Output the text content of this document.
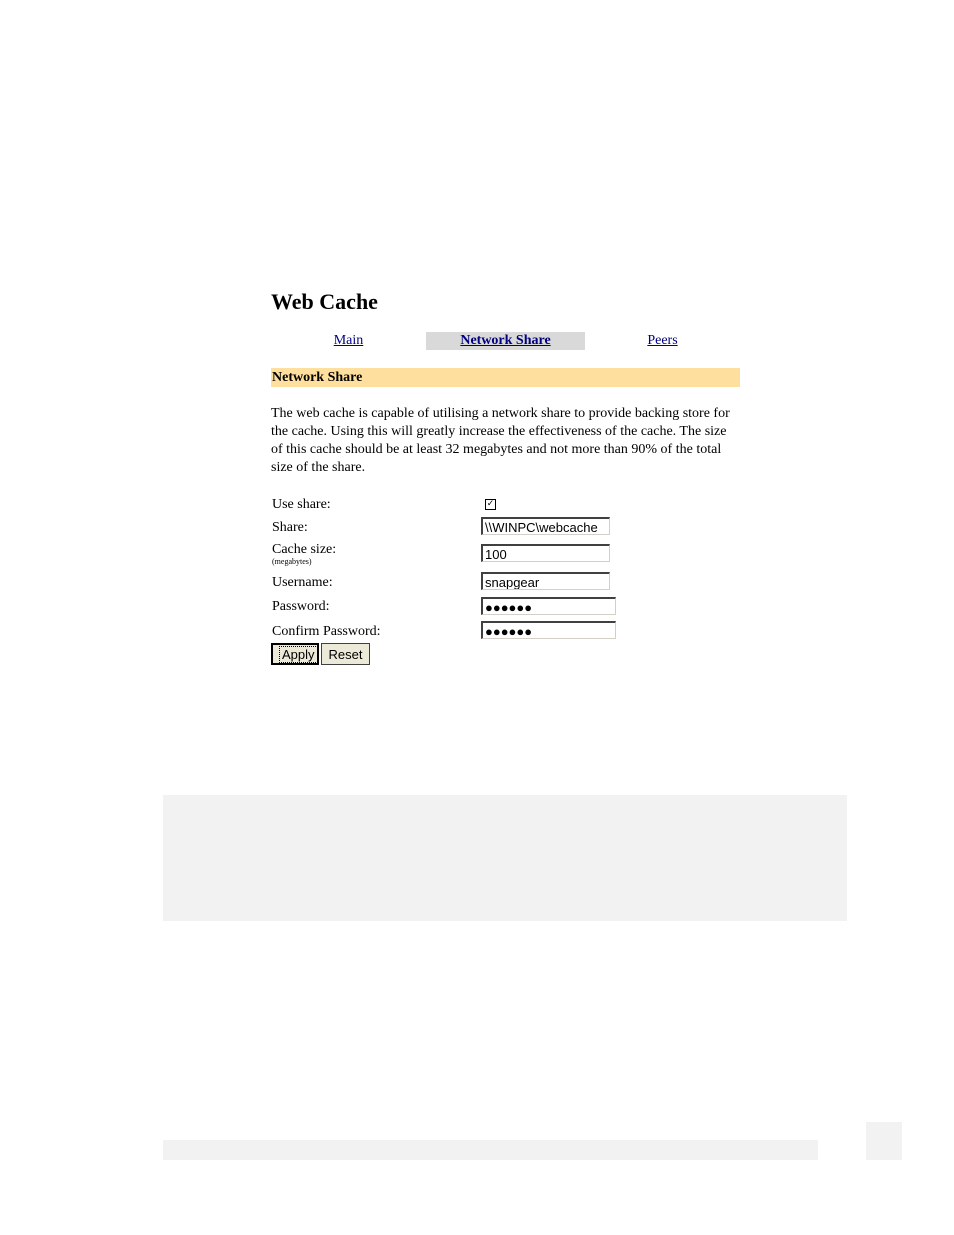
Web Cache
Main	Network Share	Peers
Network Share

The web cache is capable of utilising a network share to provide backing store for the cache. Using this will greatly increase the effectiveness of the cache. The size of this cache should be at least 32 megabytes and not more than 90% of the total size of the share.

Use share:	✓
Share:	\\WINPC\webcache
Cache size:
(megabytes)	100
Username:	snapgear
Password:	●●●●●●
Confirm Password:	●●●●●●
Apply	Reset
